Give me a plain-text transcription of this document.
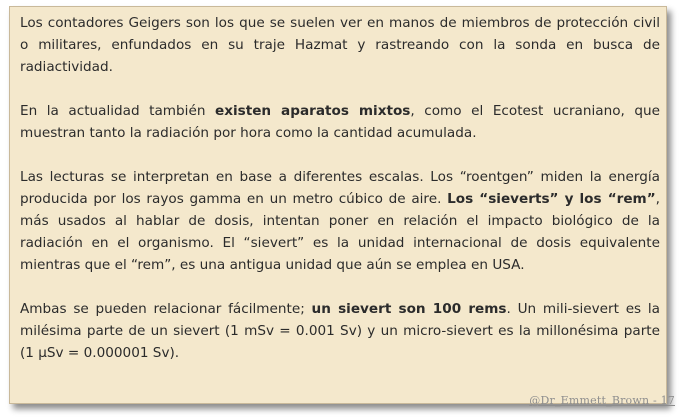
Los contadores Geigers son los que se suelen ver en manos de miembros de protección civil o militares, enfundados en su traje Hazmat y rastreando con la sonda en busca de radiactividad.

En la actualidad también existen aparatos mixtos, como el Ecotest ucraniano, que muestran tanto la radiación por hora como la cantidad acumulada.

Las lecturas se interpretan en base a diferentes escalas. Los “roentgen” miden la energía producida por los rayos gamma en un metro cúbico de aire. Los “sieverts” y los “rem”, más usados al hablar de dosis, intentan poner en relación el impacto biológico de la radiación en el organismo. El “sievert” es la unidad internacional de dosis equivalente mientras que el “rem”, es una antigua unidad que aún se emplea en USA.

Ambas se pueden relacionar fácilmente; un sievert son 100 rems. Un mili-sievert es la milésima parte de un sievert (1 mSv = 0.001 Sv) y un micro-sievert es la millonésima parte (1 µSv = 0.000001 Sv).

@Dr_Emmett_Brown - 17
